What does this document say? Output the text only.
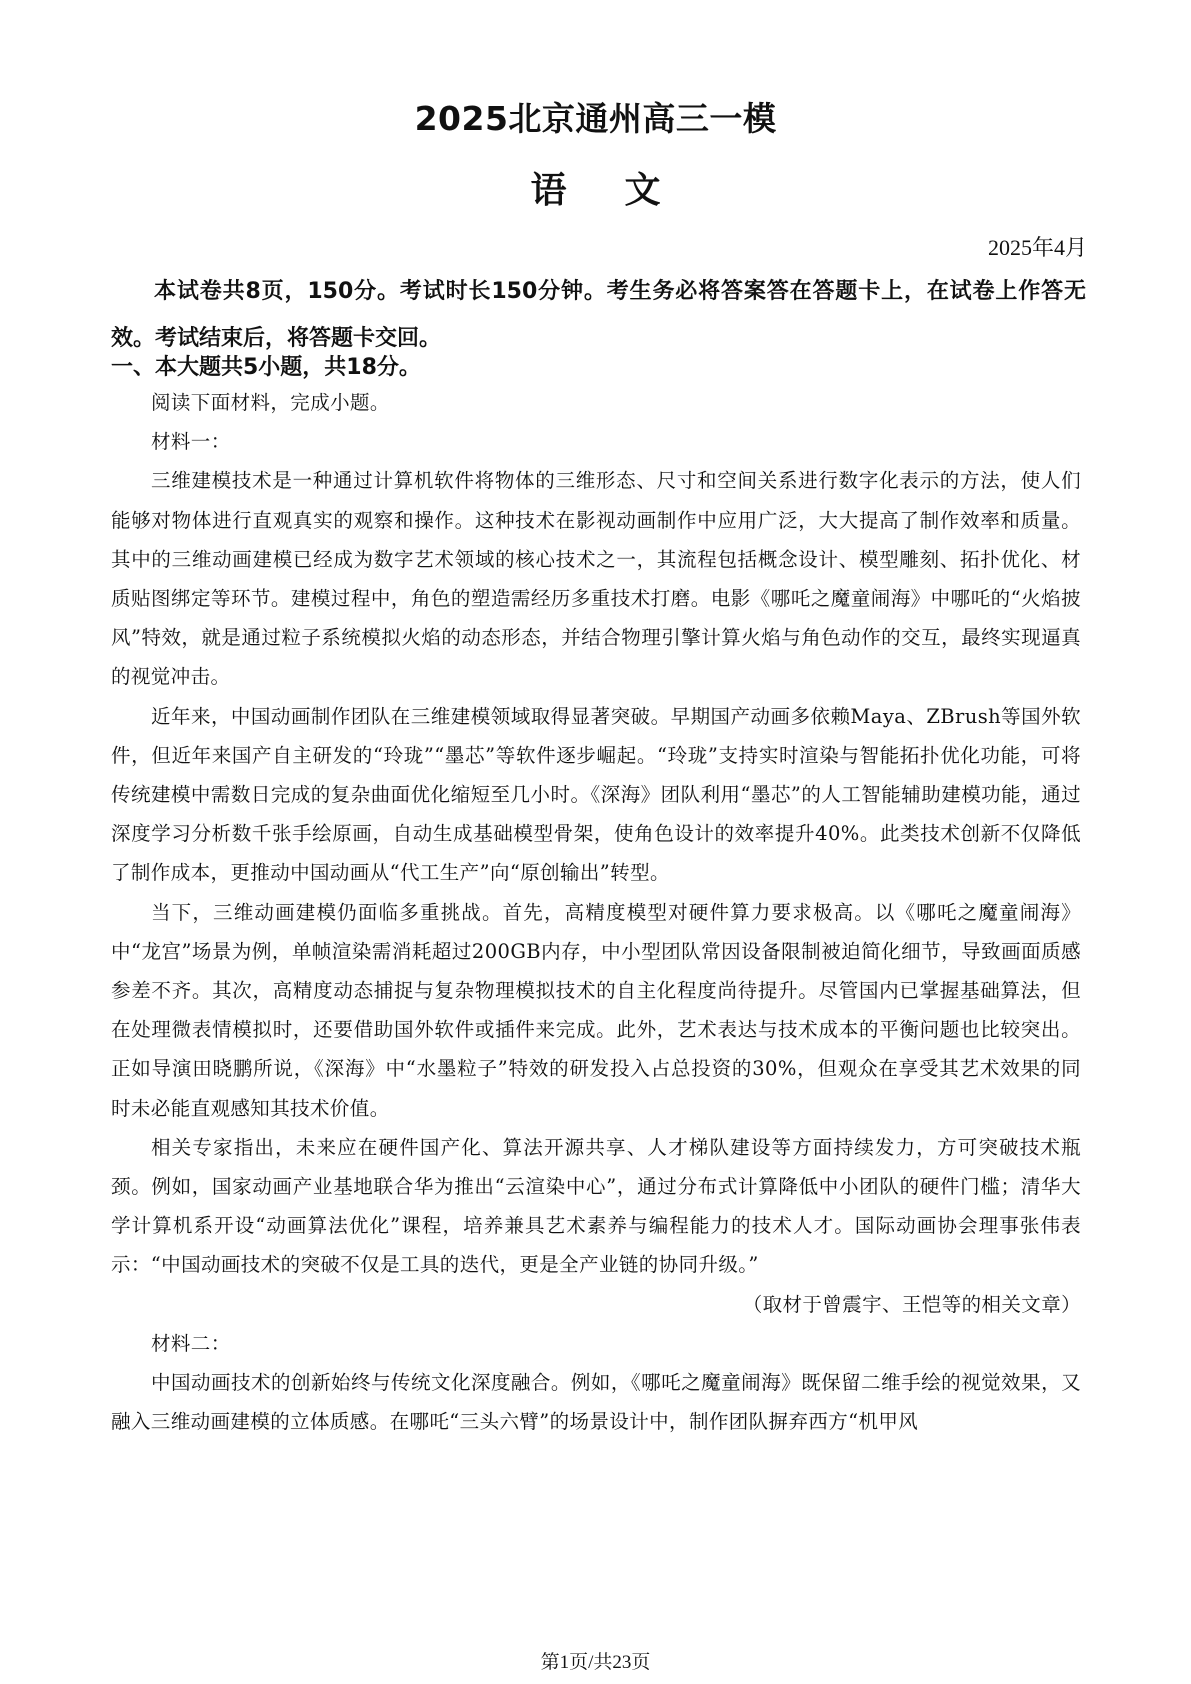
2025北京通州高三一模
语文
2025年4月

本试卷共8页，150分。考试时长150分钟。考生务必将答案答在答题卡上，在试卷上作答无效。考试结束后，将答题卡交回。

一、本大题共5小题，共18分。

阅读下面材料，完成小题。

材料一：

三维建模技术是一种通过计算机软件将物体的三维形态、尺寸和空间关系进行数字化表示的方法，使人们能够对物体进行直观真实的观察和操作。这种技术在影视动画制作中应用广泛，大大提高了制作效率和质量。其中的三维动画建模已经成为数字艺术领域的核心技术之一，其流程包括概念设计、模型雕刻、拓扑优化、材质贴图绑定等环节。建模过程中，角色的塑造需经历多重技术打磨。电影《哪吒之魔童闹海》中哪吒的“火焰披风”特效，就是通过粒子系统模拟火焰的动态形态，并结合物理引擎计算火焰与角色动作的交互，最终实现逼真的视觉冲击。

近年来，中国动画制作团队在三维建模领域取得显著突破。早期国产动画多依赖Maya、ZBrush等国外软件，但近年来国产自主研发的“玲珑”“墨芯”等软件逐步崛起。“玲珑”支持实时渲染与智能拓扑优化功能，可将传统建模中需数日完成的复杂曲面优化缩短至几小时。《深海》团队利用“墨芯”的人工智能辅助建模功能，通过深度学习分析数千张手绘原画，自动生成基础模型骨架，使角色设计的效率提升40%。此类技术创新不仅降低了制作成本，更推动中国动画从“代工生产”向“原创输出”转型。

当下，三维动画建模仍面临多重挑战。首先，高精度模型对硬件算力要求极高。以《哪吒之魔童闹海》中“龙宫”场景为例，单帧渲染需消耗超过200GB内存，中小型团队常因设备限制被迫简化细节，导致画面质感参差不齐。其次，高精度动态捕捉与复杂物理模拟技术的自主化程度尚待提升。尽管国内已掌握基础算法，但在处理微表情模拟时，还要借助国外软件或插件来完成。此外，艺术表达与技术成本的平衡问题也比较突出。正如导演田晓鹏所说，《深海》中“水墨粒子”特效的研发投入占总投资的30%，但观众在享受其艺术效果的同时未必能直观感知其技术价值。

相关专家指出，未来应在硬件国产化、算法开源共享、人才梯队建设等方面持续发力，方可突破技术瓶颈。例如，国家动画产业基地联合华为推出“云渲染中心”，通过分布式计算降低中小团队的硬件门槛；清华大学计算机系开设“动画算法优化”课程，培养兼具艺术素养与编程能力的技术人才。国际动画协会理事张伟表示：“中国动画技术的突破不仅是工具的迭代，更是全产业链的协同升级。”

（取材于曾震宇、王恺等的相关文章）

材料二：

中国动画技术的创新始终与传统文化深度融合。例如，《哪吒之魔童闹海》既保留二维手绘的视觉效果，又融入三维动画建模的立体质感。在哪吒“三头六臂”的场景设计中，制作团队摒弃西方“机甲风

第1页/共23页
